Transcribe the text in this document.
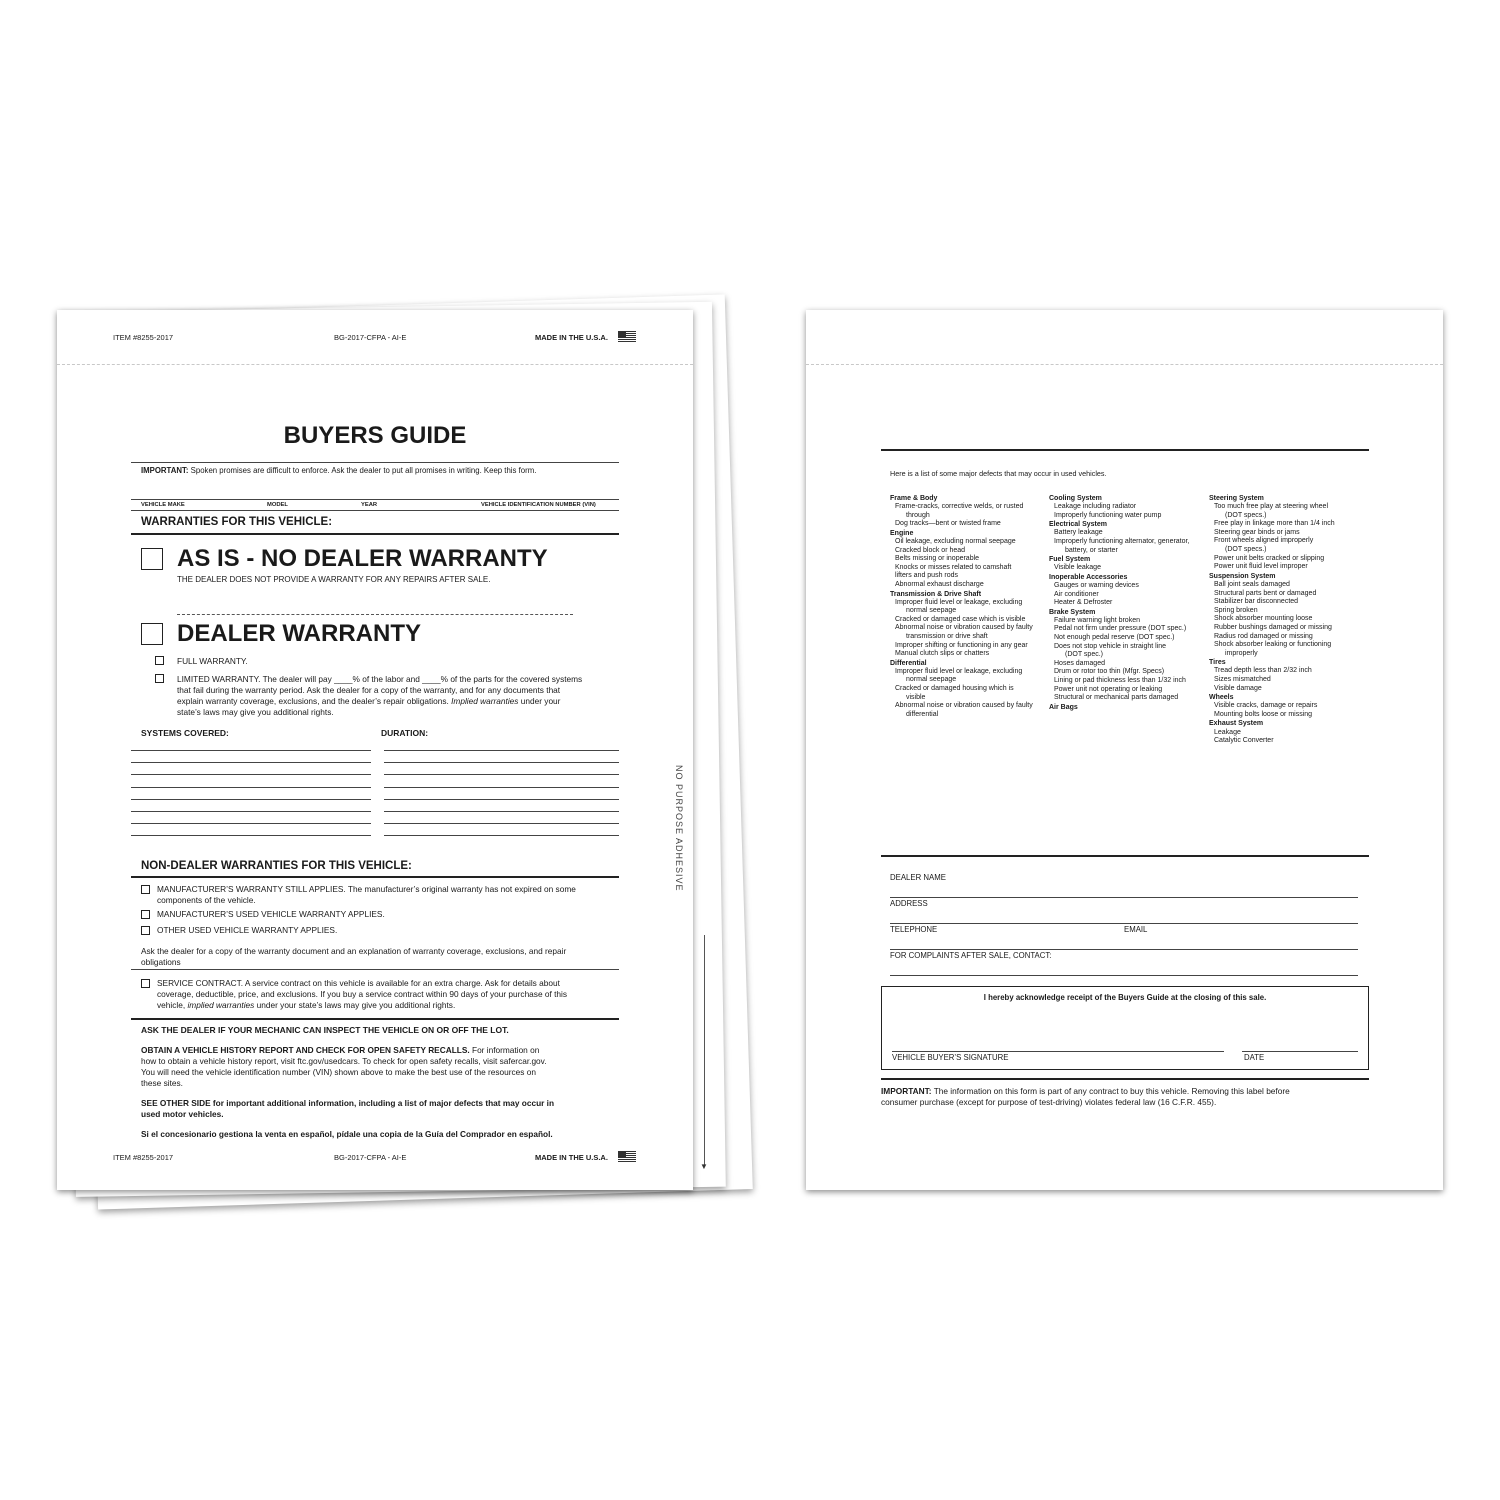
ITEM #8255-2017	BG-2017-CFPA - AI-E	MADE IN THE U.S.A.
BUYERS GUIDE
IMPORTANT: Spoken promises are difficult to enforce. Ask the dealer to put all promises in writing. Keep this form.
VEHICLE MAKE	MODEL	YEAR	VEHICLE IDENTIFICATION NUMBER (VIN)
WARRANTIES FOR THIS VEHICLE:
AS IS - NO DEALER WARRANTY
THE DEALER DOES NOT PROVIDE A WARRANTY FOR ANY REPAIRS AFTER SALE.
DEALER WARRANTY
FULL WARRANTY.
LIMITED WARRANTY. The dealer will pay ____% of the labor and ____% of the parts for the covered systems
that fail during the warranty period. Ask the dealer for a copy of the warranty, and for any documents that
explain warranty coverage, exclusions, and the dealer’s repair obligations. Implied warranties under your
state’s laws may give you additional rights.
SYSTEMS COVERED:	DURATION:
NON-DEALER WARRANTIES FOR THIS VEHICLE:
MANUFACTURER’S WARRANTY STILL APPLIES. The manufacturer’s original warranty has not expired on some
components of the vehicle.
MANUFACTURER’S USED VEHICLE WARRANTY APPLIES.
OTHER USED VEHICLE WARRANTY APPLIES.
Ask the dealer for a copy of the warranty document and an explanation of warranty coverage, exclusions, and repair
obligations
SERVICE CONTRACT. A service contract on this vehicle is available for an extra charge. Ask for details about
coverage, deductible, price, and exclusions. If you buy a service contract within 90 days of your purchase of this
vehicle, implied warranties under your state’s laws may give you additional rights.
ASK THE DEALER IF YOUR MECHANIC CAN INSPECT THE VEHICLE ON OR OFF THE LOT.
OBTAIN A VEHICLE HISTORY REPORT AND CHECK FOR OPEN SAFETY RECALLS. For information on
how to obtain a vehicle history report, visit ftc.gov/usedcars. To check for open safety recalls, visit safercar.gov.
You will need the vehicle identification number (VIN) shown above to make the best use of the resources on
these sites.
SEE OTHER SIDE for important additional information, including a list of major defects that may occur in
used motor vehicles.
Si el concesionario gestiona la venta en español, pídale una copia de la Guía del Comprador en español.
ITEM #8255-2017	BG-2017-CFPA - AI-E	MADE IN THE U.S.A.
NO PURPOSE ADHESIVE
▼
Here is a list of some major defects that may occur in used vehicles.
Frame & Body
Frame-cracks, corrective welds, or rusted
through
Dog tracks—bent or twisted frame
Engine
Oil leakage, excluding normal seepage
Cracked block or head
Belts missing or inoperable
Knocks or misses related to camshaft
lifters and push rods
Abnormal exhaust discharge
Transmission & Drive Shaft
Improper fluid level or leakage, excluding
normal seepage
Cracked or damaged case which is visible
Abnormal noise or vibration caused by faulty
transmission or drive shaft
Improper shifting or functioning in any gear
Manual clutch slips or chatters
Differential
Improper fluid level or leakage, excluding
normal seepage
Cracked or damaged housing which is
visible
Abnormal noise or vibration caused by faulty
differential
Cooling System
Leakage including radiator
Improperly functioning water pump
Electrical System
Battery leakage
Improperly functioning alternator, generator,
battery, or starter
Fuel System
Visible leakage
Inoperable Accessories
Gauges or warning devices
Air conditioner
Heater & Defroster
Brake System
Failure warning light broken
Pedal not firm under pressure (DOT spec.)
Not enough pedal reserve (DOT spec.)
Does not stop vehicle in straight line
(DOT spec.)
Hoses damaged
Drum or rotor too thin (Mfgr. Specs)
Lining or pad thickness less than 1/32 inch
Power unit not operating or leaking
Structural or mechanical parts damaged
Air Bags
Steering System
Too much free play at steering wheel
(DOT specs.)
Free play in linkage more than 1/4 inch
Steering gear binds or jams
Front wheels aligned improperly
(DOT specs.)
Power unit belts cracked or slipping
Power unit fluid level improper
Suspension System
Ball joint seals damaged
Structural parts bent or damaged
Stabilizer bar disconnected
Spring broken
Shock absorber mounting loose
Rubber bushings damaged or missing
Radius rod damaged or missing
Shock absorber leaking or functioning
improperly
Tires
Tread depth less than 2/32 inch
Sizes mismatched
Visible damage
Wheels
Visible cracks, damage or repairs
Mounting bolts loose or missing
Exhaust System
Leakage
Catalytic Converter
DEALER NAME
ADDRESS
TELEPHONE	EMAIL
FOR COMPLAINTS AFTER SALE, CONTACT:
I hereby acknowledge receipt of the Buyers Guide at the closing of this sale.
VEHICLE BUYER’S SIGNATURE	DATE
IMPORTANT: The information on this form is part of any contract to buy this vehicle. Removing this label before
consumer purchase (except for purpose of test-driving) violates federal law (16 C.F.R. 455).
